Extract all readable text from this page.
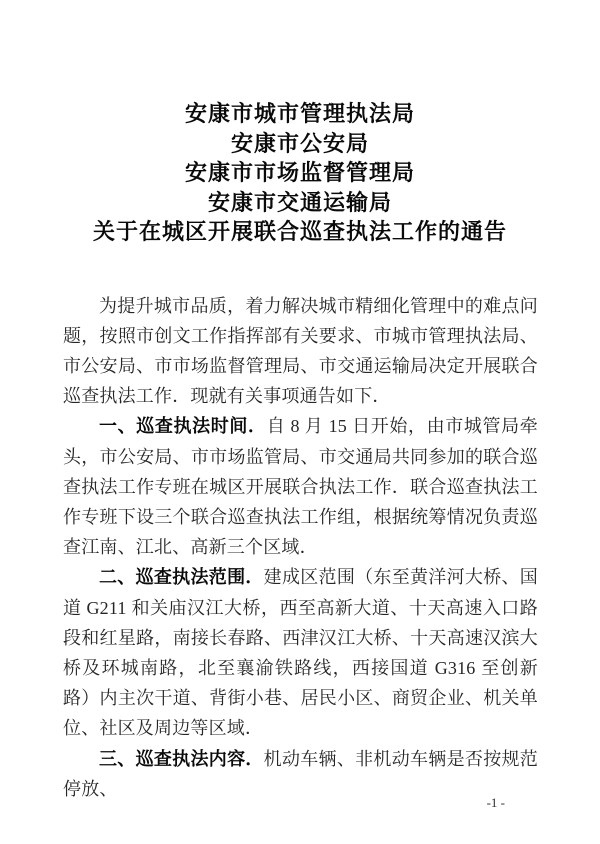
安康市城市管理执法局
安康市公安局
安康市市场监督管理局
安康市交通运输局
关于在城区开展联合巡查执法工作的通告

为提升城市品质，着力解决城市精细化管理中的难点问题，按照市创文工作指挥部有关要求、市城市管理执法局、市公安局、市市场监督管理局、市交通运输局决定开展联合巡查执法工作．现就有关事项通告如下．

一、巡查执法时间．自 8 月 15 日开始，由市城管局牵头，市公安局、市市场监管局、市交通局共同参加的联合巡查执法工作专班在城区开展联合执法工作．联合巡查执法工作专班下设三个联合巡查执法工作组，根据统筹情况负责巡查江南、江北、高新三个区域．

二、巡查执法范围．建成区范围（东至黄洋河大桥、国道 G211 和关庙汉江大桥，西至高新大道、十天高速入口路段和红星路，南接长春路、西津汉江大桥、十天高速汉滨大桥及环城南路，北至襄渝铁路线，西接国道 G316 至创新路）内主次干道、背街小巷、居民小区、商贸企业、机关单位、社区及周边等区域．

三、巡查执法内容．机动车辆、非机动车辆是否按规范停放、

-1 -
